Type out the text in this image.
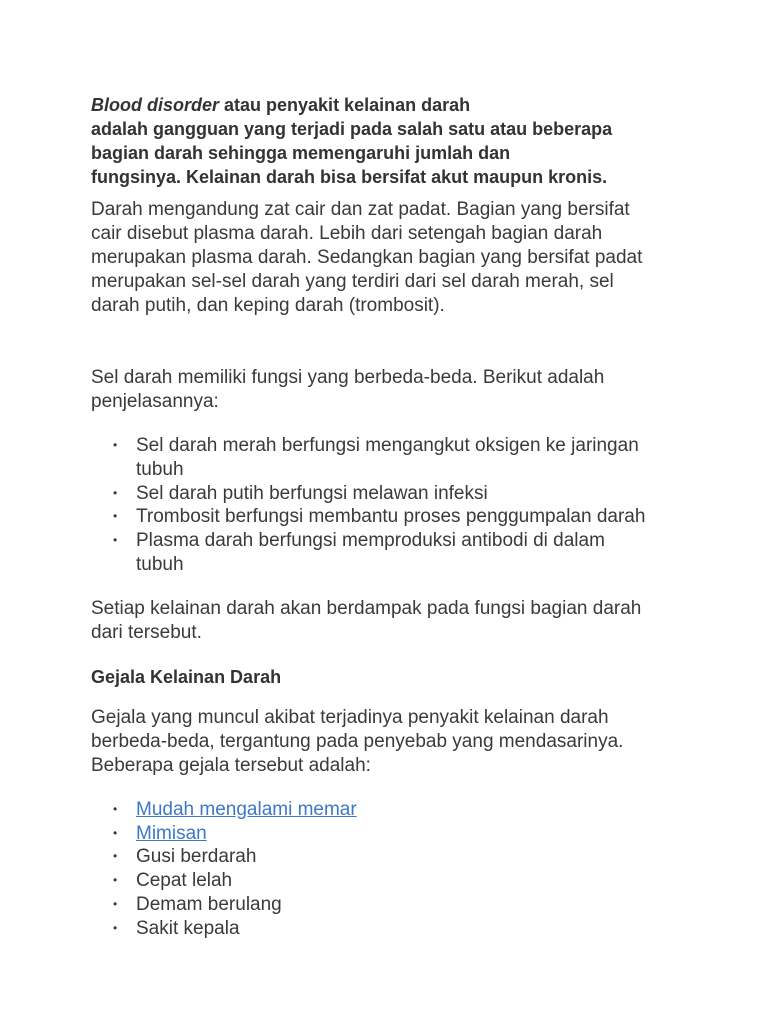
Blood disorder atau penyakit kelainan darah
adalah gangguan yang terjadi pada salah satu atau beberapa
bagian darah sehingga memengaruhi jumlah dan
fungsinya. Kelainan darah bisa bersifat akut maupun kronis.

Darah mengandung zat cair dan zat padat. Bagian yang bersifat
cair disebut plasma darah. Lebih dari setengah bagian darah
merupakan plasma darah. Sedangkan bagian yang bersifat padat
merupakan sel-sel darah yang terdiri dari sel darah merah, sel
darah putih, dan keping darah (trombosit).

Sel darah memiliki fungsi yang berbeda-beda. Berikut adalah
penjelasannya:

• Sel darah merah berfungsi mengangkut oksigen ke jaringan
tubuh
• Sel darah putih berfungsi melawan infeksi
• Trombosit berfungsi membantu proses penggumpalan darah
• Plasma darah berfungsi memproduksi antibodi di dalam
tubuh

Setiap kelainan darah akan berdampak pada fungsi bagian darah
dari tersebut.

Gejala Kelainan Darah

Gejala yang muncul akibat terjadinya penyakit kelainan darah
berbeda-beda, tergantung pada penyebab yang mendasarinya.
Beberapa gejala tersebut adalah:

• Mudah mengalami memar
• Mimisan
• Gusi berdarah
• Cepat lelah
• Demam berulang
• Sakit kepala
